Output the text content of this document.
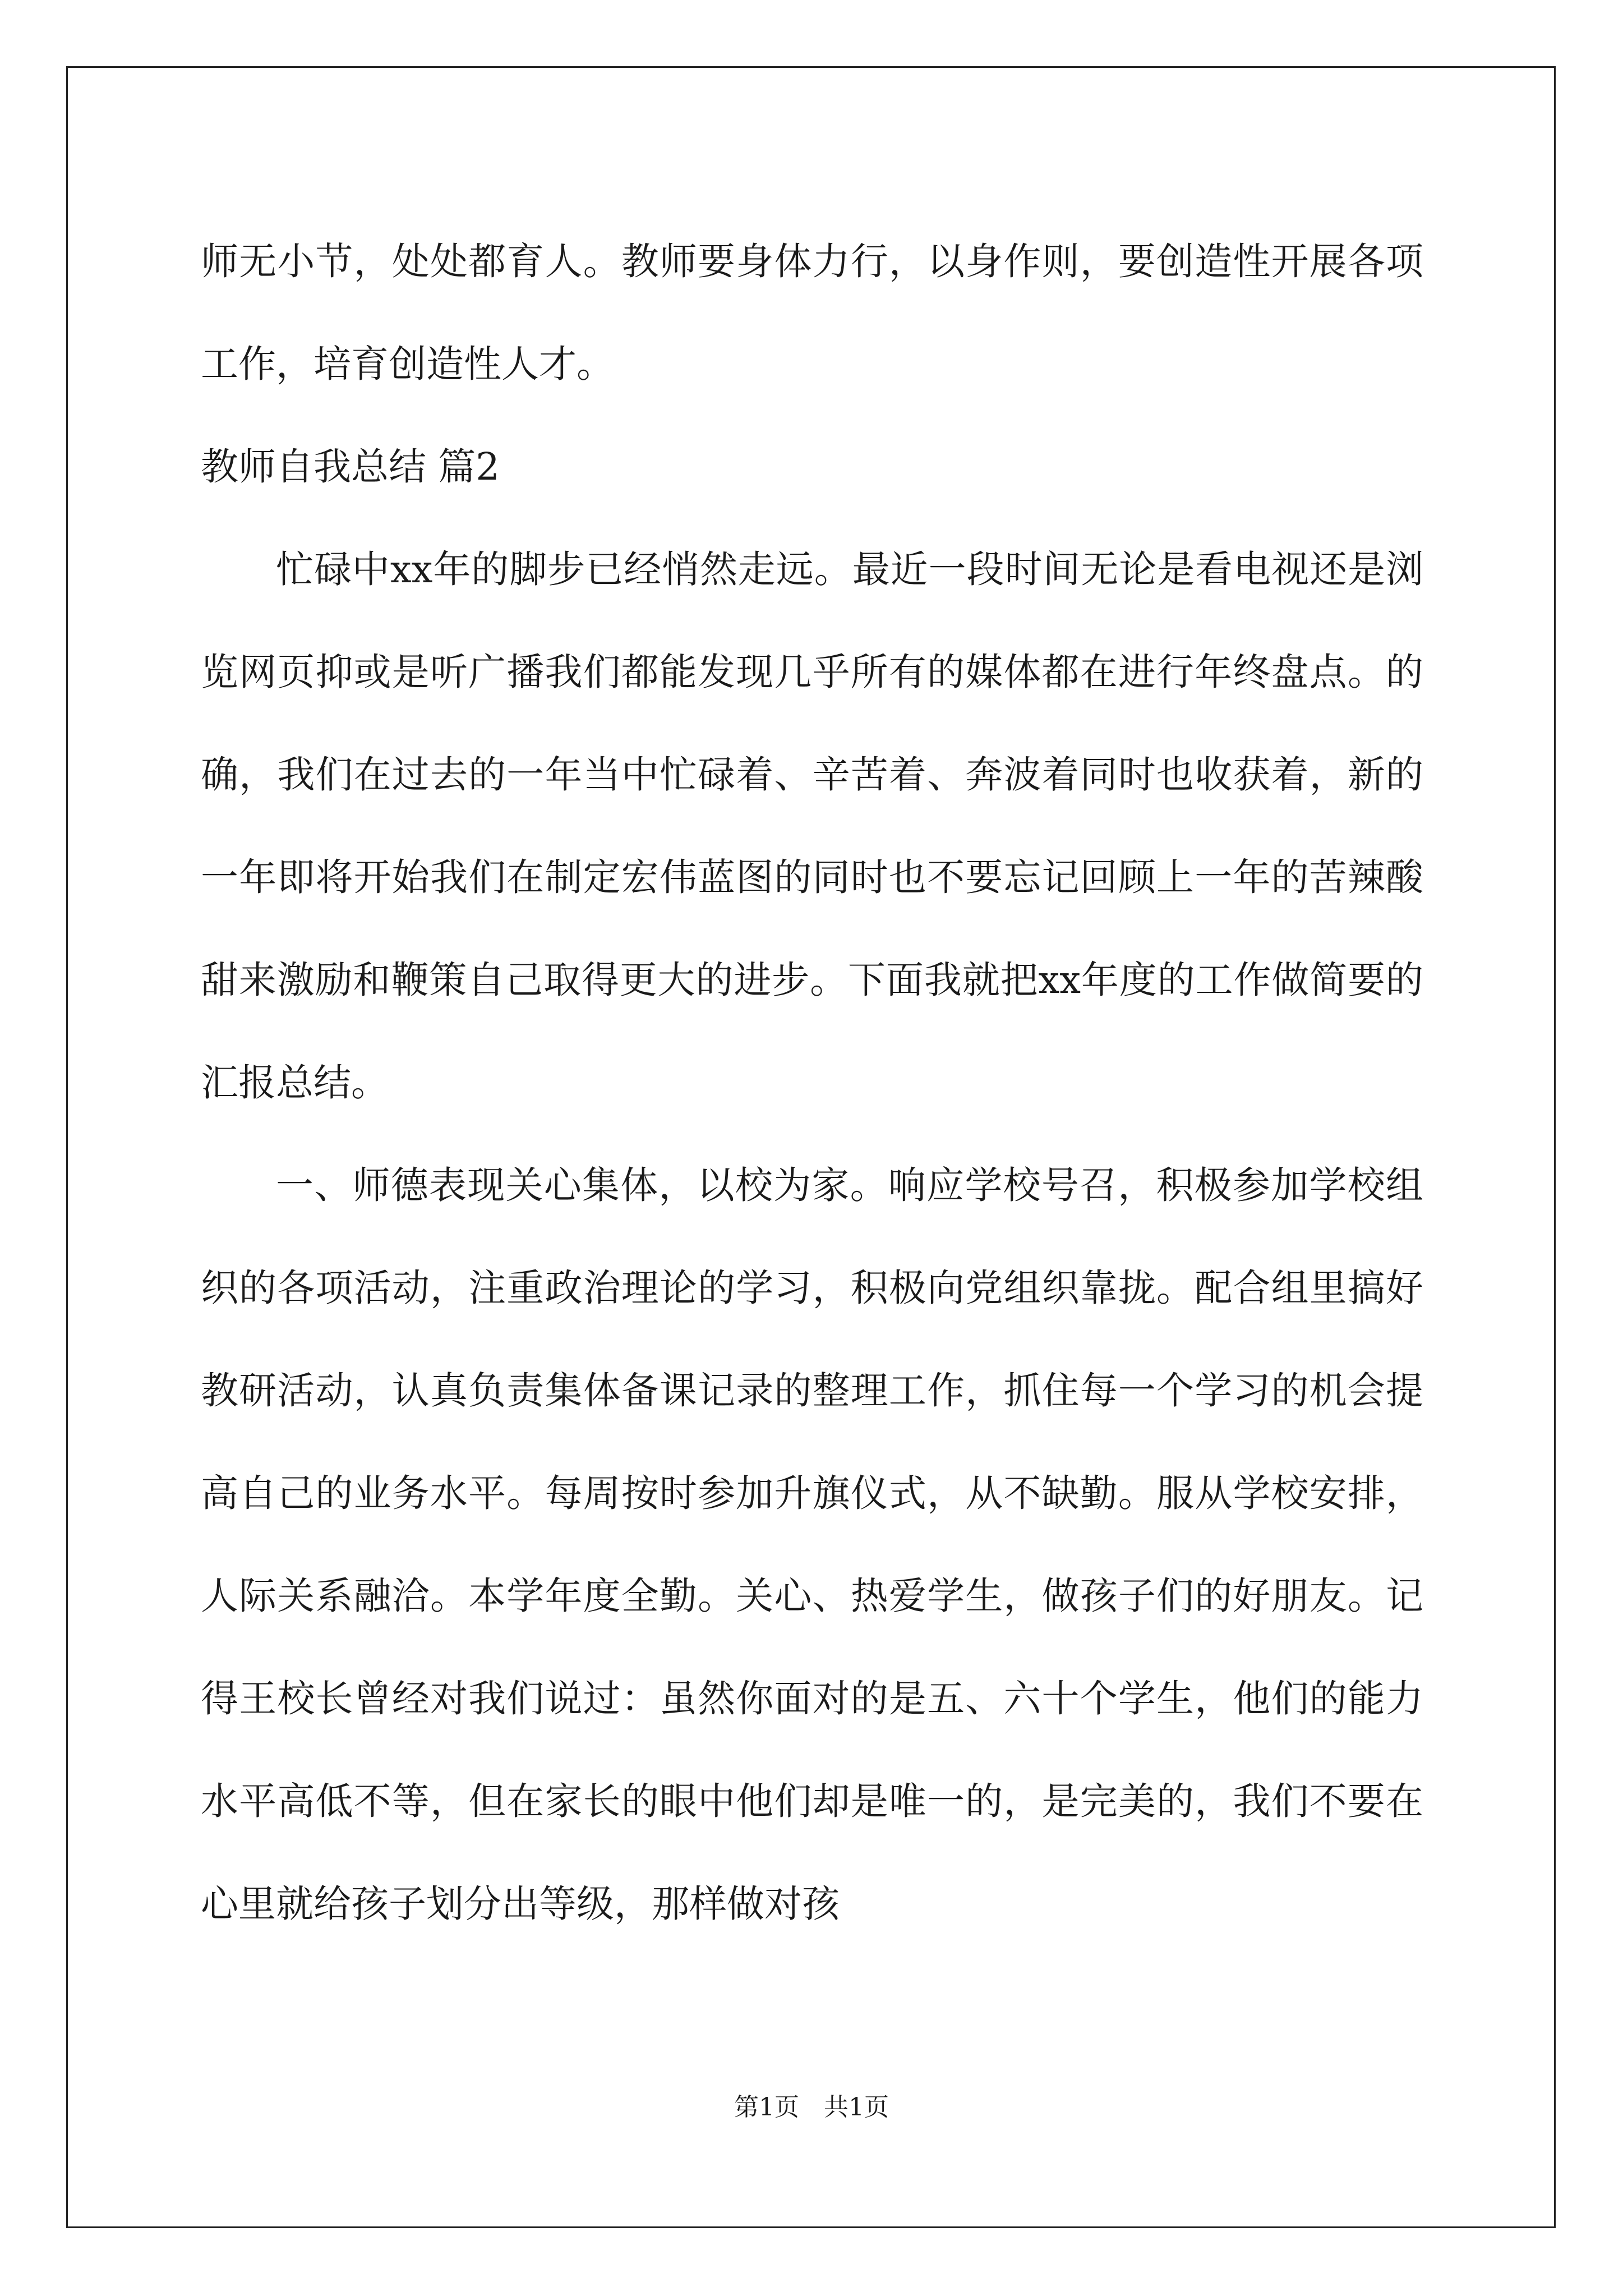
师无小节，处处都育人。教师要身体力行，以身作则，要创造性开展各项工作，培育创造性人才。

教师自我总结 篇2

忙碌中xx年的脚步已经悄然走远。最近一段时间无论是看电视还是浏览网页抑或是听广播我们都能发现几乎所有的媒体都在进行年终盘点。的确，我们在过去的一年当中忙碌着、辛苦着、奔波着同时也收获着，新的一年即将开始我们在制定宏伟蓝图的同时也不要忘记回顾上一年的苦辣酸甜来激励和鞭策自己取得更大的进步。下面我就把xx年度的工作做简要的汇报总结。

一、师德表现关心集体，以校为家。响应学校号召，积极参加学校组织的各项活动，注重政治理论的学习，积极向党组织靠拢。配合组里搞好教研活动，认真负责集体备课记录的整理工作，抓住每一个学习的机会提高自己的业务水平。每周按时参加升旗仪式，从不缺勤。服从学校安排，人际关系融洽。本学年度全勤。关心、热爱学生，做孩子们的好朋友。记得王校长曾经对我们说过：虽然你面对的是五、六十个学生，他们的能力水平高低不等，但在家长的眼中他们却是唯一的，是完美的，我们不要在心里就给孩子划分出等级，那样做对孩

第1页 共1页
